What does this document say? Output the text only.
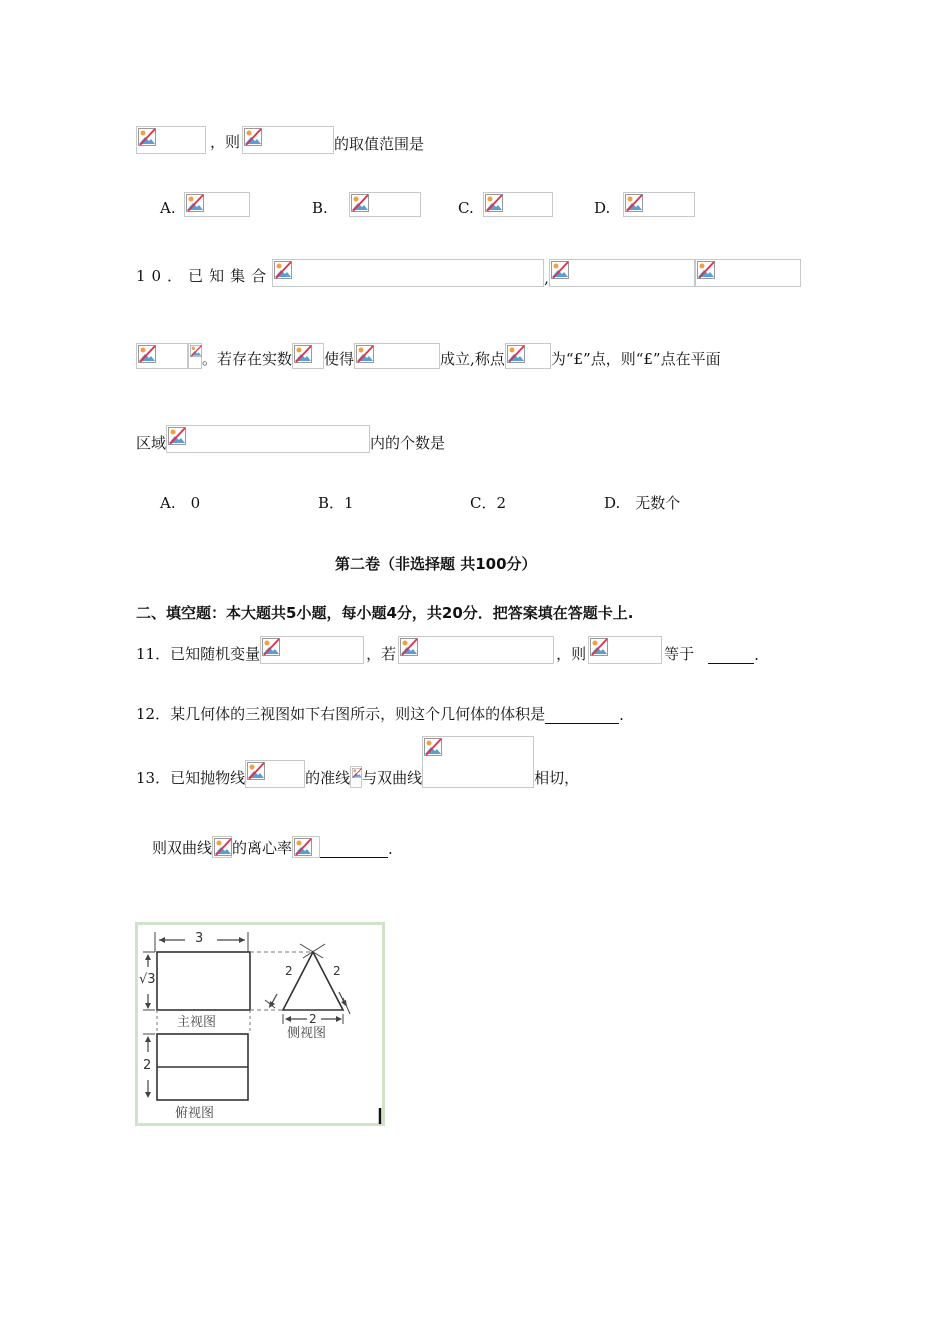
，则	的取值范围是
A.	B.	C.	D.
10．已知集合	,
。 若存在实数 使得	成立,称点	为“£”点，则“£”点在平面
区域	内的个数是
A.　0	B．1	C．2	D.　无数个
第二卷（非选择题 共100分）
二、填空题：本大题共5小题，每小题4分，共20分．把答案填在答题卡上.
11．已知随机变量	，若	，则	等于	.
12．某几何体的三视图如下右图所示，则这个几何体的体积是	.
13．已知抛物线	的准线 与双曲线	相切，
则双曲线 的离心率	.
3
√3
2	2
2
2
主视图
侧视图
俯视图
